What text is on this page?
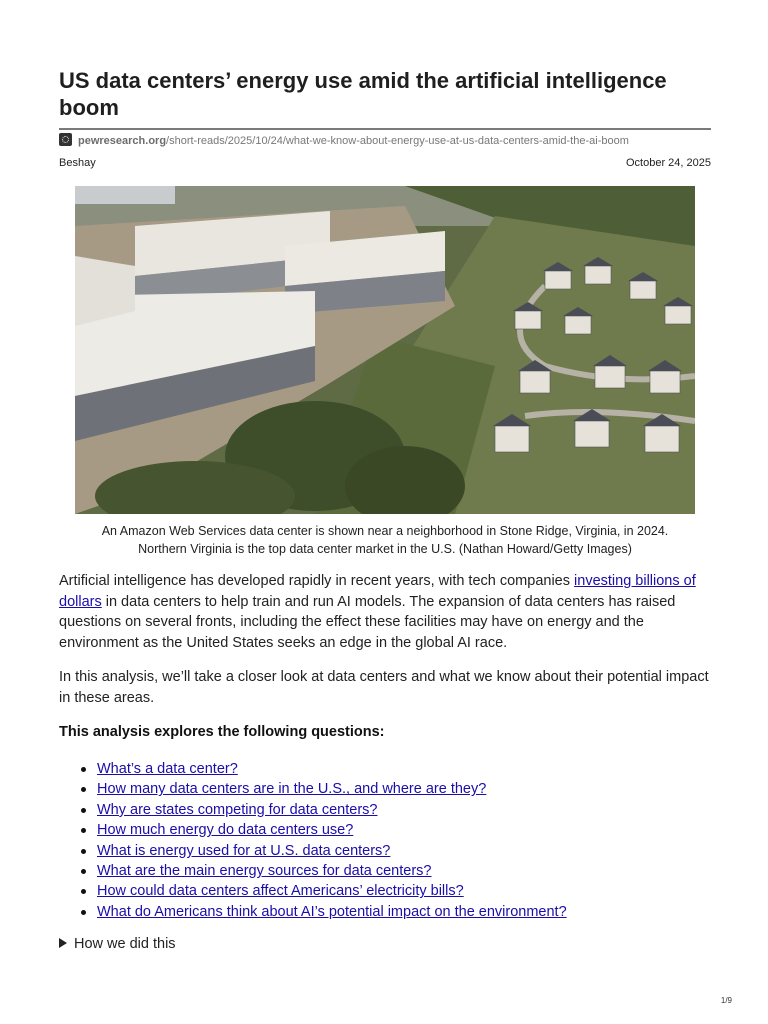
US data centers’ energy use amid the artificial intelligence boom
pewresearch.org/short-reads/2025/10/24/what-we-know-about-energy-use-at-us-data-centers-amid-the-ai-boom
Beshay	October 24, 2025
An Amazon Web Services data center is shown near a neighborhood in Stone Ridge, Virginia, in 2024.
Northern Virginia is the top data center market in the U.S. (Nathan Howard/Getty Images)

Artificial intelligence has developed rapidly in recent years, with tech companies investing billions of dollars in data centers to help train and run AI models. The expansion of data centers has raised questions on several fronts, including the effect these facilities may have on energy and the environment as the United States seeks an edge in the global AI race.

In this analysis, we’ll take a closer look at data centers and what we know about their potential impact in these areas.

This analysis explores the following questions:

What’s a data center?
How many data centers are in the U.S., and where are they?
Why are states competing for data centers?
How much energy do data centers use?
What is energy used for at U.S. data centers?
What are the main energy sources for data centers?
How could data centers affect Americans’ electricity bills?
What do Americans think about AI’s potential impact on the environment?
How we did this
1/9
